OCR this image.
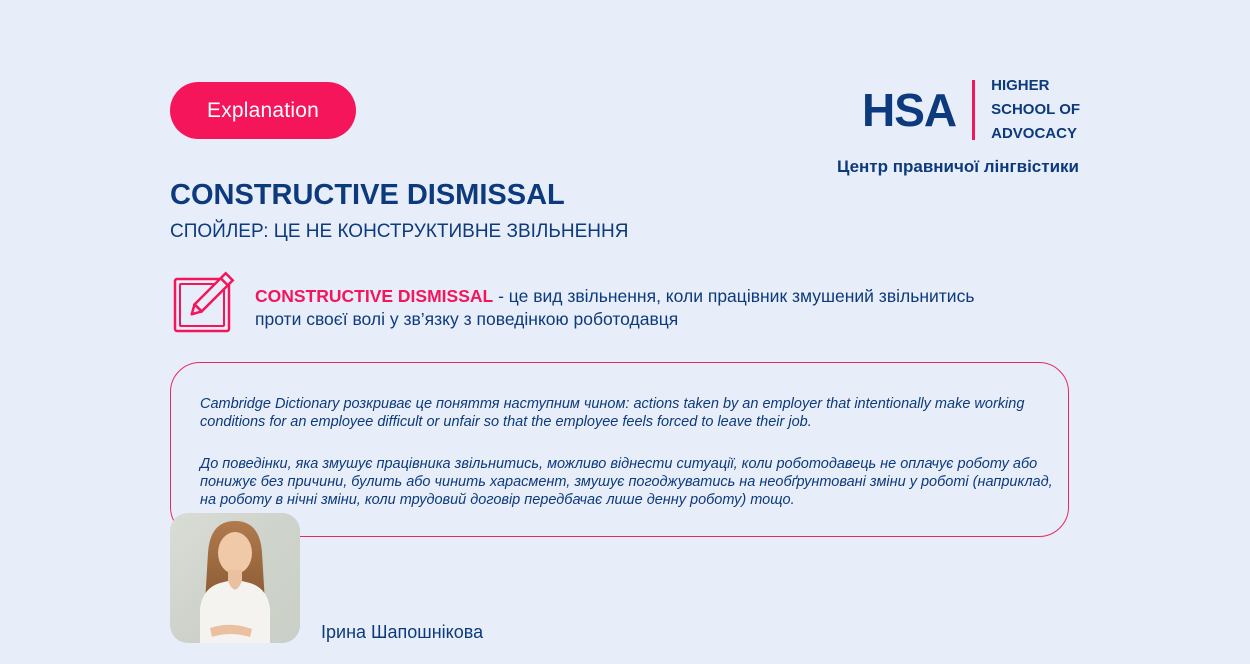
Explanation	HSA HIGHER
SCHOOL OF
ADVOCACY
Центр правничої лінгвістики
CONSTRUCTIVE DISMISSAL
СПОЙЛЕР: ЦЕ НЕ КОНСТРУКТИВНЕ ЗВІЛЬНЕННЯ
CONSTRUCTIVE DISMISSAL - це вид звільнення, коли працівник змушений звільнитись проти своєї волі у зв’язку з поведінкою роботодавця
Cambridge Dictionary розкриває це поняття наступним чином: actions taken by an employer that intentionally make working conditions for an employee difficult or unfair so that the employee feels forced to leave their job.
До поведінки, яка змушує працівника звільнитись, можливо віднести ситуації, коли роботодавець не оплачує роботу або понижує без причини, булить або чинить харасмент, змушує погоджуватись на необґрунтовані зміни у роботі (наприклад, на роботу в нічні зміни, коли трудовий договір передбачає лише денну роботу) тощо.
Ірина Шапошнікова
